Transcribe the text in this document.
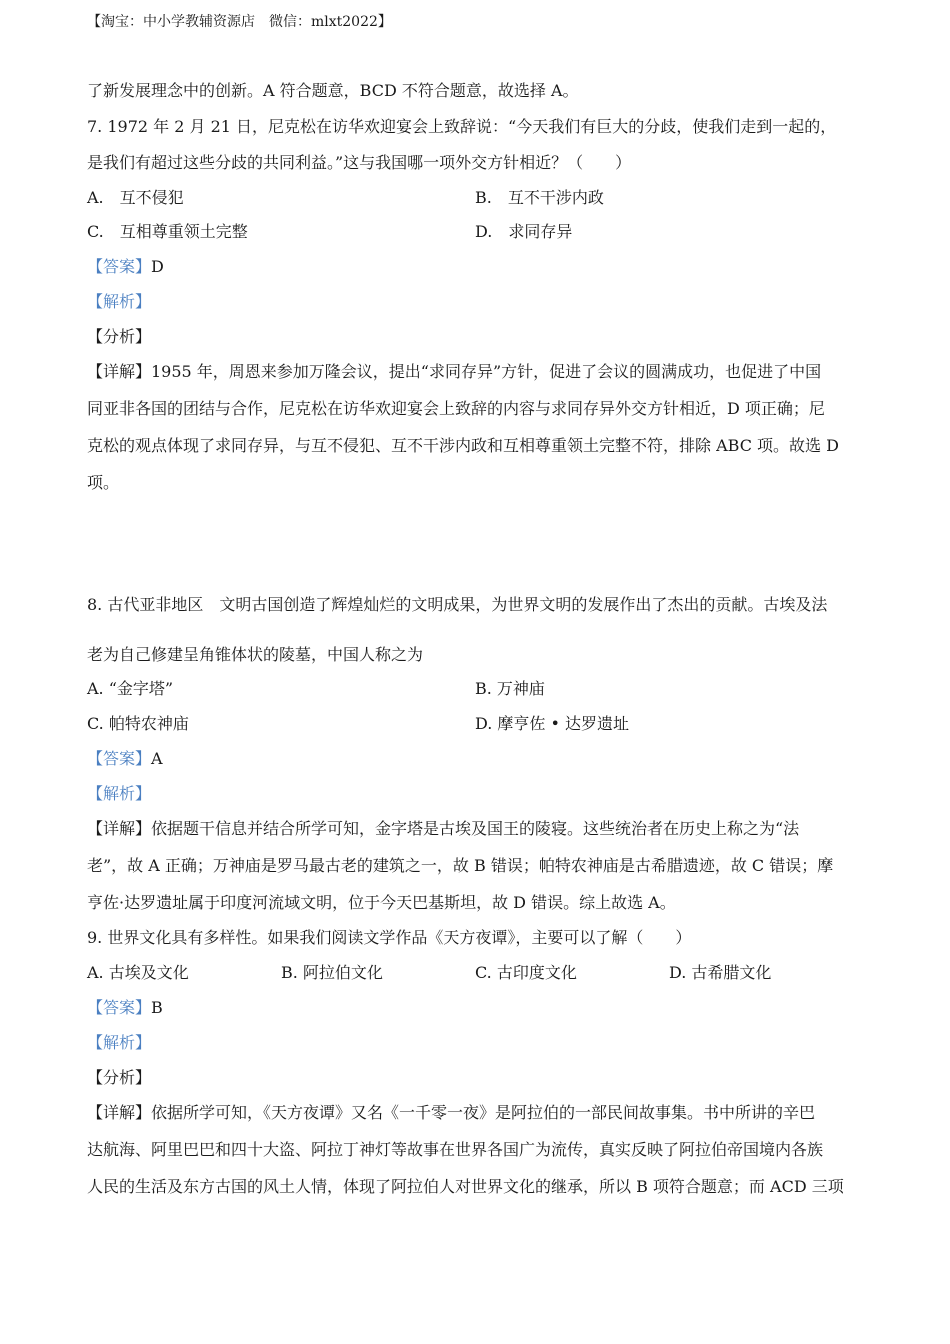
【淘宝：中小学教辅资源店　微信：mlxt2022】
了新发展理念中的创新。A 符合题意，BCD 不符合题意，故选择 A。
7. 1972 年 2 月 21 日，尼克松在访华欢迎宴会上致辞说：“今天我们有巨大的分歧，使我们走到一起的，
是我们有超过这些分歧的共同利益。”这与我国哪一项外交方针相近？（　　）
A.　互不侵犯	B.　互不干涉内政
C.　互相尊重领土完整	D.　求同存异
【答案】D
【解析】
【分析】
【详解】1955 年，周恩来参加万隆会议，提出“求同存异”方针，促进了会议的圆满成功，也促进了中国
同亚非各国的团结与合作，尼克松在访华欢迎宴会上致辞的内容与求同存异外交方针相近，D 项正确；尼
克松的观点体现了求同存异，与互不侵犯、互不干涉内政和互相尊重领土完整不符，排除 ABC 项。故选 D
项。
8. 古代亚非地区　文明古国创造了辉煌灿烂的文明成果，为世界文明的发展作出了杰出的贡献。古埃及法
老为自己修建呈角锥体状的陵墓，中国人称之为
A. “金字塔”	B. 万神庙
C. 帕特农神庙	D. 摩亨佐 • 达罗遗址
【答案】A
【解析】
【详解】依据题干信息并结合所学可知，金字塔是古埃及国王的陵寝。这些统治者在历史上称之为“法
老”，故 A 正确；万神庙是罗马最古老的建筑之一，故 B 错误；帕特农神庙是古希腊遗迹，故 C 错误；摩
亨佐·达罗遗址属于印度河流域文明，位于今天巴基斯坦，故 D 错误。综上故选 A。
9. 世界文化具有多样性。如果我们阅读文学作品《天方夜谭》，主要可以了解（　　）
A. 古埃及文化	B. 阿拉伯文化	C. 古印度文化	D. 古希腊文化
【答案】B
【解析】
【分析】
【详解】依据所学可知，《天方夜谭》又名《一千零一夜》是阿拉伯的一部民间故事集。书中所讲的辛巴
达航海、阿里巴巴和四十大盗、阿拉丁神灯等故事在世界各国广为流传，真实反映了阿拉伯帝国境内各族
人民的生活及东方古国的风土人情，体现了阿拉伯人对世界文化的继承，所以 B 项符合题意；而 ACD 三项
